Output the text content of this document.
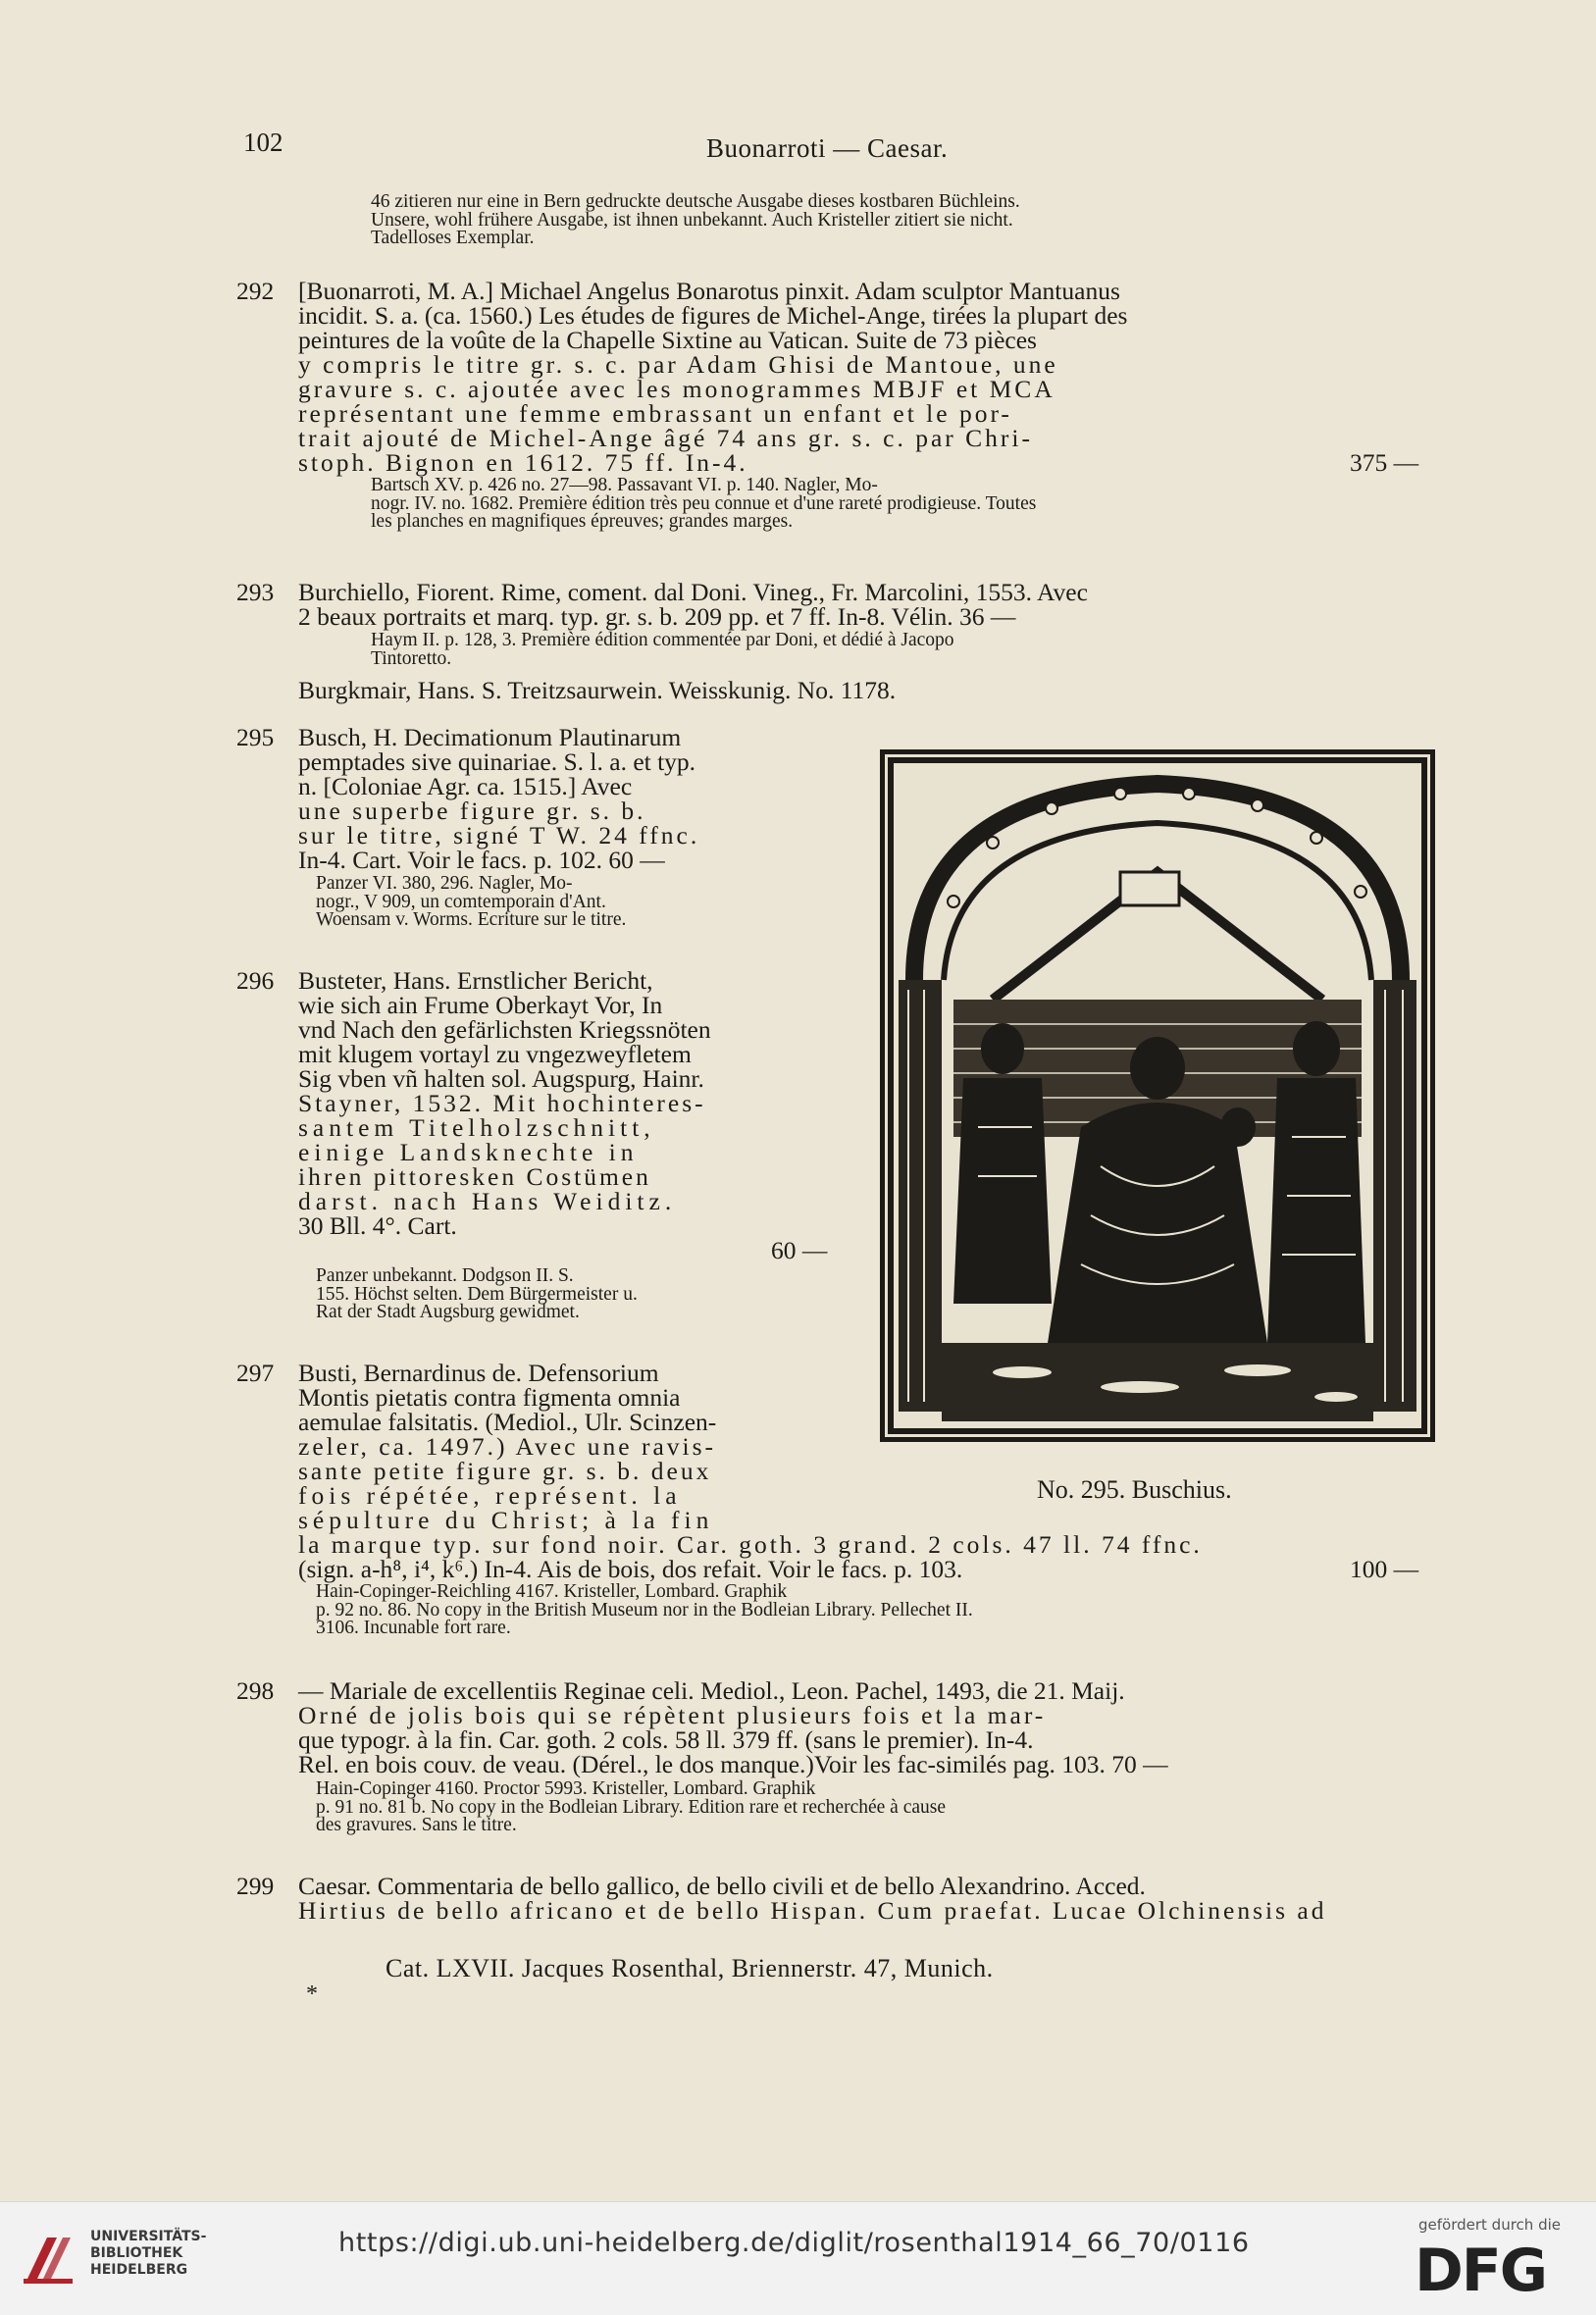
102	Buonarroti — Caesar.

46 zitieren nur eine in Bern gedruckte deutsche Ausgabe dieses kostbaren Büchleins.

Unsere, wohl frühere Ausgabe, ist ihnen unbekannt. Auch Kristeller zitiert sie nicht.

Tadelloses Exemplar.

292 [Buonarroti, M. A.] Michael Angelus Bonarotus pinxit. Adam sculptor Mantuanus

incidit. S. a. (ca. 1560.) Les études de figures de Michel-Ange, tirées la plupart des

peintures de la voûte de la Chapelle Sixtine au Vatican. Suite de 73 pièces

y compris le titre gr. s. c. par Adam Ghisi de Mantoue, une

gravure s. c. ajoutée avec les monogrammes MBJF et MCA

représentant une femme embrassant un enfant et le por-

trait ajouté de Michel-Ange âgé 74 ans gr. s. c. par Chri-

stoph. Bignon en 1612. 75 ff. In-4.	375 —

Bartsch XV. p. 426 no. 27—98. Passavant VI. p. 140. Nagler, Mo-

nogr. IV. no. 1682. Première édition très peu connue et d'une rareté prodigieuse. Toutes

les planches en magnifiques épreuves; grandes marges.

293 Burchiello, Fiorent. Rime, coment. dal Doni. Vineg., Fr. Marcolini, 1553. Avec

2 beaux portraits et marq. typ. gr. s. b. 209 pp. et 7 ff. In-8. Vélin. 36 —

Haym II. p. 128, 3. Première édition commentée par Doni, et dédié à Jacopo

Tintoretto.

Burgkmair, Hans. S. Treitzsaurwein. Weisskunig. No. 1178.

295 Busch, H. Decimationum Plautinarum

pemptades sive quinariae. S. l. a. et typ.

n. [Coloniae Agr. ca. 1515.] Avec

une superbe figure gr. s. b.

sur le titre, signé T W. 24 ffnc.

In-4. Cart. Voir le facs. p. 102. 60 —

Panzer VI. 380, 296. Nagler, Mo-

nogr., V 909, un comtemporain d'Ant.

Woensam v. Worms. Ecriture sur le titre.

296 Busteter, Hans. Ernstlicher Bericht,

wie sich ain Frume Oberkayt Vor, In

vnd Nach den gefärlichsten Kriegssnöten

mit klugem vortayl zu vngezweyfletem

Sig vben vñ halten sol. Augspurg, Hainr.

Stayner, 1532. Mit hochinteres-

santem Titelholzschnitt,

einige Landsknechte in

ihren pittoresken Costümen

darst. nach Hans Weiditz.

30 Bll. 4°. Cart.

60 —

Panzer unbekannt. Dodgson II. S.

155. Höchst selten. Dem Bürgermeister u.

Rat der Stadt Augsburg gewidmet.

No. 295. Buschius.
297 Busti, Bernardinus de. Defensorium

Montis pietatis contra figmenta omnia

aemulae falsitatis. (Mediol., Ulr. Scinzen-

zeler, ca. 1497.) Avec une ravis-

sante petite figure gr. s. b. deux

fois répétée, représent. la

sépulture du Christ; à la fin

la marque typ. sur fond noir. Car. goth. 3 grand. 2 cols. 47 ll. 74 ffnc.

(sign. a-h⁸, i⁴, k⁶.) In-4. Ais de bois, dos refait. Voir le facs. p. 103.	100 —

Hain-Copinger-Reichling 4167. Kristeller, Lombard. Graphik

p. 92 no. 86. No copy in the British Museum nor in the Bodleian Library. Pellechet II.

3106. Incunable fort rare.

298 — Mariale de excellentiis Reginae celi. Mediol., Leon. Pachel, 1493, die 21. Maij.

Orné de jolis bois qui se répètent plusieurs fois et la mar-

que typogr. à la fin. Car. goth. 2 cols. 58 ll. 379 ff. (sans le premier). In-4.

Rel. en bois couv. de veau. (Dérel., le dos manque.)Voir les fac-similés pag. 103. 70 —

Hain-Copinger 4160. Proctor 5993. Kristeller, Lombard. Graphik

p. 91 no. 81 b. No copy in the Bodleian Library. Edition rare et recherchée à cause

des gravures. Sans le titre.

299 Caesar. Commentaria de bello gallico, de bello civili et de bello Alexandrino. Acced.

Hirtius de bello africano et de bello Hispan. Cum praefat. Lucae Olchinensis ad

Cat. LXVII. Jacques Rosenthal, Briennerstr. 47, Munich.
*
UNIVERSITÄTS-
BIBLIOTHEK
HEIDELBERG
https://digi.ub.uni-heidelberg.de/diglit/rosenthal1914_66_70/0116
gefördert durch die
DFG
